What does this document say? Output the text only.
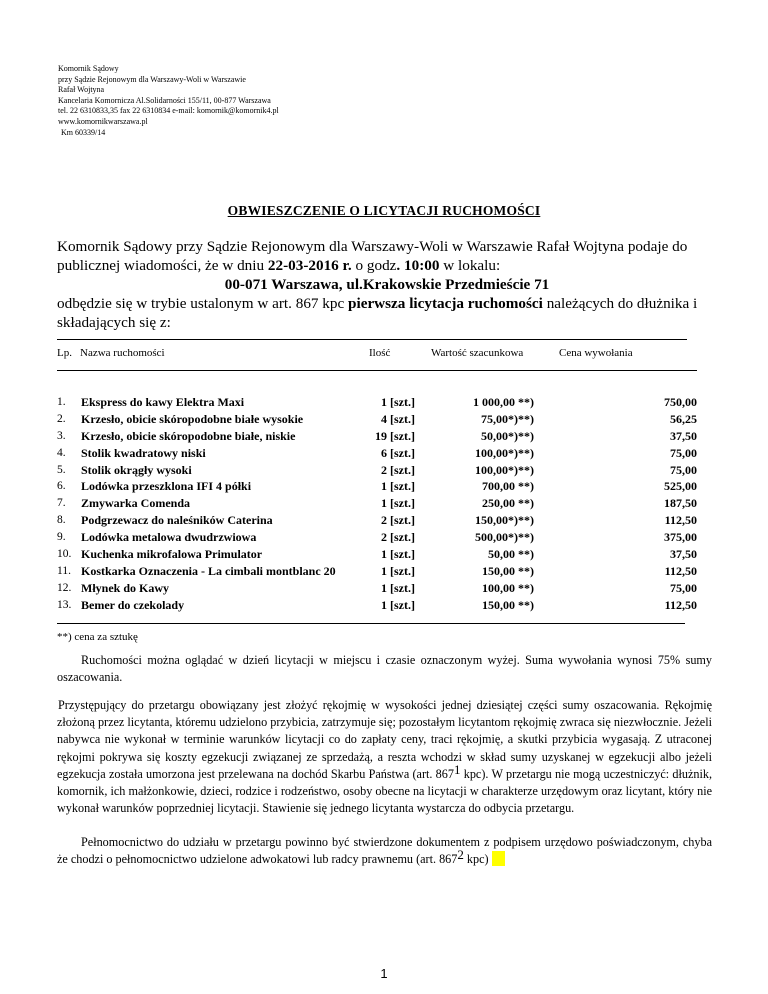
Komornik Sądowy
przy Sądzie Rejonowym dla Warszawy-Woli w Warszawie
Rafał Wojtyna
Kancelaria Komornicza Al.Solidarności 155/11, 00-877 Warszawa
tel. 22 6310833,35 fax 22 6310834 e-mail: komornik@komornik4.pl
www.komornikwarszawa.pl
Km 60339/14
OBWIESZCZENIE O LICYTACJI RUCHOMOŚCI
Komornik Sądowy przy Sądzie Rejonowym dla Warszawy-Woli w Warszawie Rafał Wojtyna podaje do publicznej wiadomości, że w dniu 22-03-2016 r. o godz. 10:00 w lokalu:
00-071 Warszawa, ul.Krakowskie Przedmieście 71
odbędzie się w trybie ustalonym w art. 867 kpc pierwsza licytacja ruchomości należących do dłużnika i składających się z:
Lp. Nazwa ruchomości	Ilość	Wartość szacunkowa	Cena wywołania
1. Ekspress do kawy Elektra Maxi	1 [szt.]	1 000,00 **)	750,00
2. Krzesło, obicie skóropodobne białe wysokie	4 [szt.]	75,00*)**)	56,25
3. Krzesło, obicie skóropodobne białe, niskie	19 [szt.]	50,00*)**)	37,50
4. Stolik kwadratowy niski	6 [szt.]	100,00*)**)	75,00
5. Stolik okrągły wysoki	2 [szt.]	100,00*)**)	75,00
6. Lodówka przeszklona IFI 4 półki	1 [szt.]	700,00 **)	525,00
7. Zmywarka Comenda	1 [szt.]	250,00 **)	187,50
8. Podgrzewacz do naleśników Caterina	2 [szt.]	150,00*)**)	112,50
9. Lodówka metalowa dwudrzwiowa	2 [szt.]	500,00*)**)	375,00
10. Kuchenka mikrofalowa Primulator	1 [szt.]	50,00 **)	37,50
11. Kostkarka Oznaczenia - La cimbali montblanc 20	1 [szt.]	150,00 **)	112,50
12. Młynek do Kawy	1 [szt.]	100,00 **)	75,00
13. Bemer do czekolady	1 [szt.]	150,00 **)	112,50
**) cena za sztukę
Ruchomości można oglądać w dzień licytacji w miejscu i czasie oznaczonym wyżej. Suma wywołania wynosi 75% sumy oszacowania.
Przystępujący do przetargu obowiązany jest złożyć rękojmię w wysokości jednej dziesiątej części sumy oszacowania. Rękojmię złożoną przez licytanta, któremu udzielono przybicia, zatrzymuje się; pozostałym licytantom rękojmię zwraca się niezwłocznie. Jeżeli nabywca nie wykonał w terminie warunków licytacji co do zapłaty ceny, traci rękojmię, a skutki przybicia wygasają. Z utraconej rękojmi pokrywa się koszty egzekucji związanej ze sprzedażą, a reszta wchodzi w skład sumy uzyskanej w egzekucji albo jeżeli egzekucja została umorzona jest przelewana na dochód Skarbu Państwa (art. $867^1$ kpc). W przetargu nie mogą uczestniczyć: dłużnik, komornik, ich małżonkowie, dzieci, rodzice i rodzeństwo, osoby obecne na licytacji w charakterze urzędowym oraz licytant, który nie wykonał warunków poprzedniej licytacji. Stawienie się jednego licytanta wystarcza do odbycia przetargu.
Pełnomocnictwo do udziału w przetargu powinno być stwierdzone dokumentem z podpisem urzędowo poświadczonym, chyba że chodzi o pełnomocnictwo udzielone adwokatowi lub radcy prawnemu (art. $867^2$ kpc)
1
